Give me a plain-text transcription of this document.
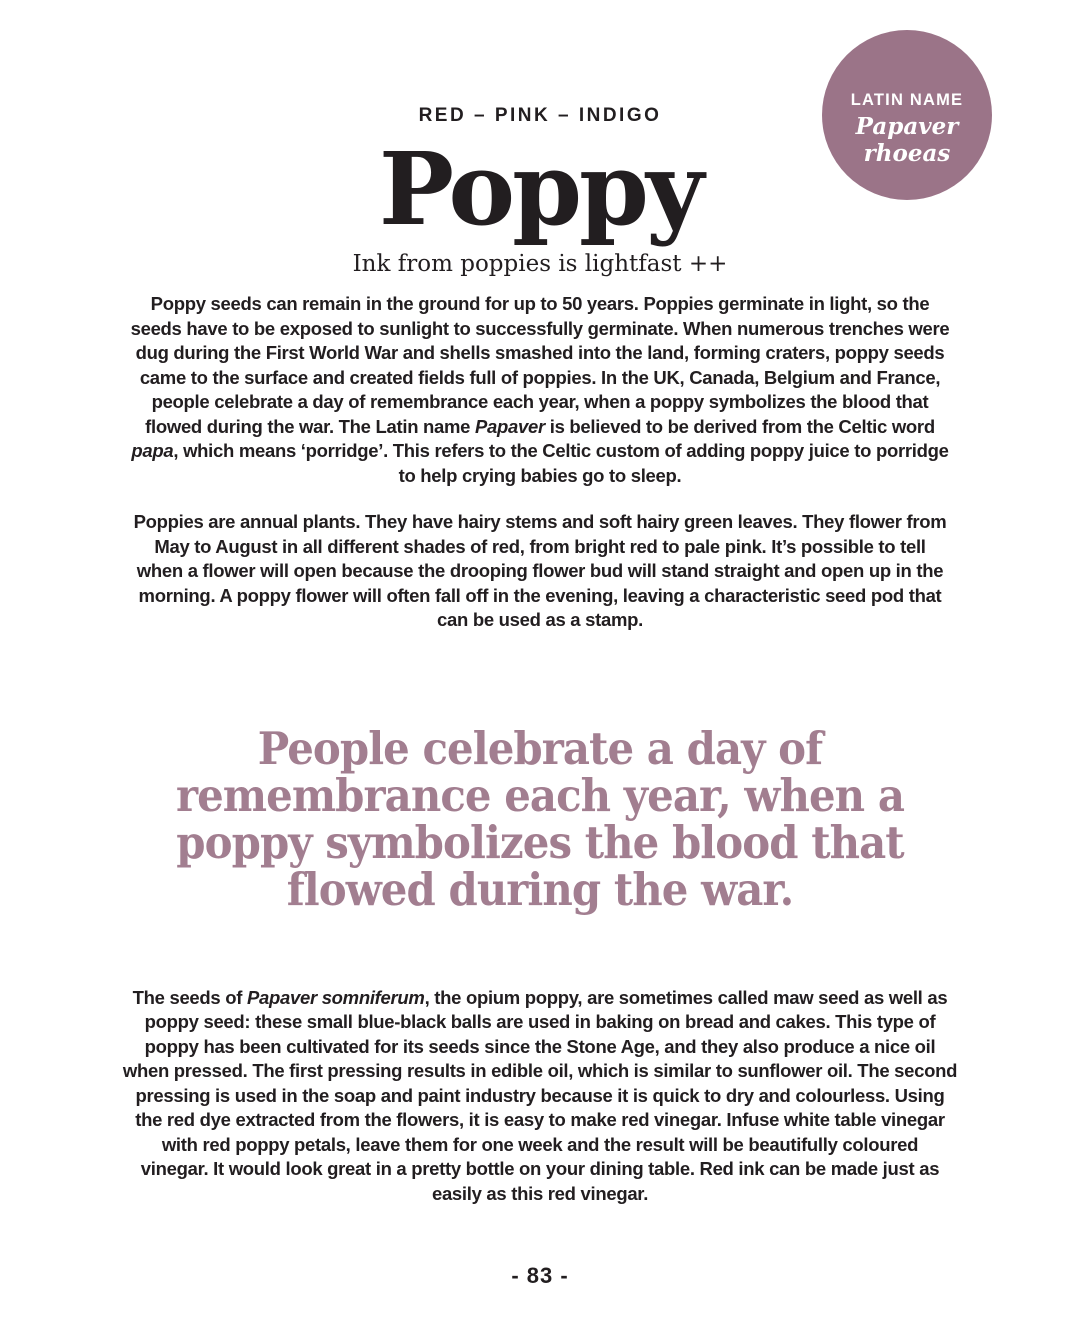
LATIN NAME
Papaver
rhoeas
RED – PINK – INDIGO
Poppy
Ink from poppies is lightfast ++
Poppy seeds can remain in the ground for up to 50 years. Poppies germinate in light, so the
seeds have to be exposed to sunlight to successfully germinate. When numerous trenches were
dug during the First World War and shells smashed into the land, forming craters, poppy seeds
came to the surface and created fields full of poppies. In the UK, Canada, Belgium and France,
people celebrate a day of remembrance each year, when a poppy symbolizes the blood that
flowed during the war. The Latin name Papaver is believed to be derived from the Celtic word
papa, which means ‘porridge’. This refers to the Celtic custom of adding poppy juice to porridge
to help crying babies go to sleep.
Poppies are annual plants. They have hairy stems and soft hairy green leaves. They flower from
May to August in all different shades of red, from bright red to pale pink. It’s possible to tell
when a flower will open because the drooping flower bud will stand straight and open up in the
morning. A poppy flower will often fall off in the evening, leaving a characteristic seed pod that
can be used as a stamp.
People celebrate a day of
remembrance each year, when a
poppy symbolizes the blood that
flowed during the war.
The seeds of Papaver somniferum, the opium poppy, are sometimes called maw seed as well as
poppy seed: these small blue-black balls are used in baking on bread and cakes. This type of
poppy has been cultivated for its seeds since the Stone Age, and they also produce a nice oil
when pressed. The first pressing results in edible oil, which is similar to sunflower oil. The second
pressing is used in the soap and paint industry because it is quick to dry and colourless. Using
the red dye extracted from the flowers, it is easy to make red vinegar. Infuse white table vinegar
with red poppy petals, leave them for one week and the result will be beautifully coloured
vinegar. It would look great in a pretty bottle on your dining table. Red ink can be made just as
easily as this red vinegar.
- 83 -
